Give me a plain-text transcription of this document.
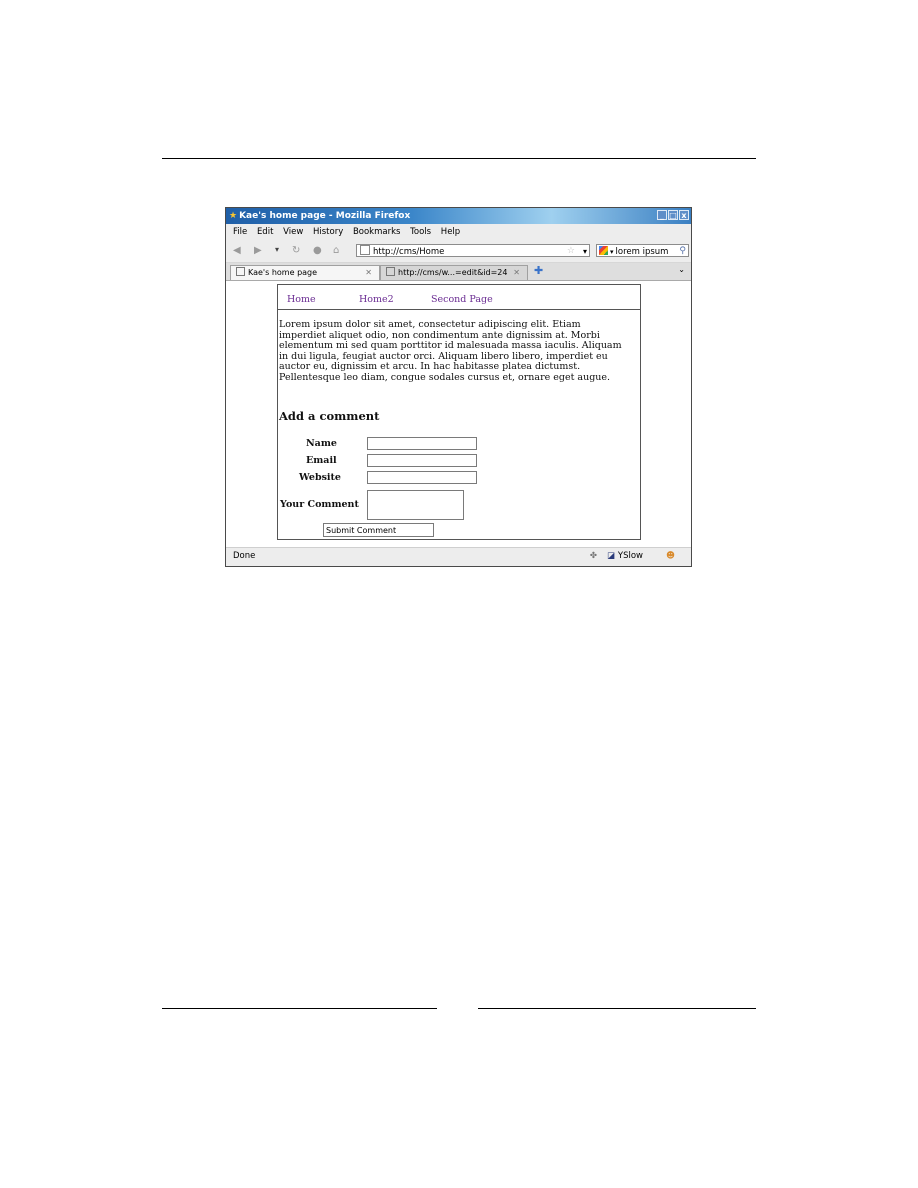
★ Kae's home page - Mozilla Firefox	_ □ x
File Edit View History Bookmarks Tools Help
◀ ▶ ▾ ↻ ● ⌂	http://cms/Home	☆ ▾	▾ lorem ipsum ⚲
Kae's home page	✕	http://cms/w...=edit&id=24 ✕ ✚	⌄
Home	Home2	Second Page

Lorem ipsum dolor sit amet, consectetur adipiscing elit. Etiam imperdiet aliquet odio, non condimentum ante dignissim at. Morbi elementum mi sed quam porttitor id malesuada massa iaculis. Aliquam in dui ligula, feugiat auctor orci. Aliquam libero libero, imperdiet eu auctor eu, dignissim et arcu. In hac habitasse platea dictumst. Pellentesque leo diam, congue sodales cursus et, ornare eget augue.

Add a comment
Name
Email
Website
Your Comment
Submit Comment
Done	✤ ◪ YSlow	☻
